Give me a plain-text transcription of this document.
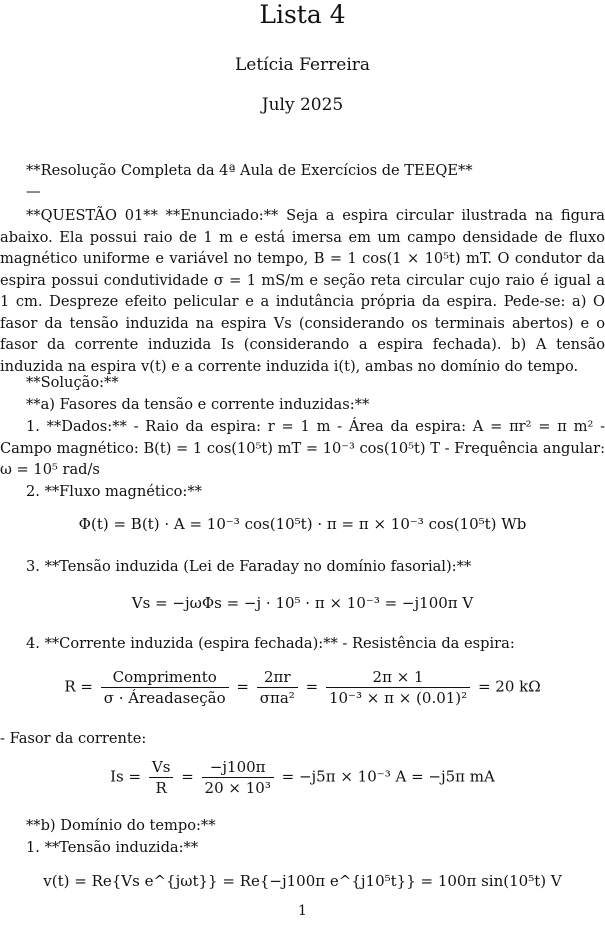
Lista 4
Letícia Ferreira
July 2025
**Resolução Completa da 4ª Aula de Exercícios de TEEQE**
—
**QUESTÃO 01** **Enunciado:** Seja a espira circular ilustrada na figura abaixo. Ela possui raio de 1 m e está imersa em um campo densidade de fluxo magnético uniforme e variável no tempo, B = 1 cos(1 × 10⁵t) mT. O condutor da espira possui condutividade σ = 1 mS/m e seção reta circular cujo raio é igual a 1 cm. Despreze efeito pelicular e a indutância própria da espira. Pede-se: a) O fasor da tensão induzida na espira Vs (considerando os terminais abertos) e o fasor da corrente induzida Is (considerando a espira fechada). b) A tensão induzida na espira v(t) e a corrente induzida i(t), ambas no domínio do tempo.
**Solução:**
**a) Fasores da tensão e corrente induzidas:**
1. **Dados:** - Raio da espira: r = 1 m - Área da espira: A = πr² = π m² - Campo magnético: B(t) = 1 cos(10⁵t) mT = 10⁻³ cos(10⁵t) T - Frequência angular: ω = 10⁵ rad/s
2. **Fluxo magnético:**
Φ(t) = B(t) · A = 10⁻³ cos(10⁵t) · π = π × 10⁻³ cos(10⁵t) Wb
3. **Tensão induzida (Lei de Faraday no domínio fasorial):**
Vs = −jωΦs = −j · 10⁵ · π × 10⁻³ = −j100π V
4. **Corrente induzida (espira fechada):** - Resistência da espira:
$R = \frac{\text{Comprimento}}{\text{σ · Áreadaseção}} = \frac{2\pi r}{\text{σπa²}} = \frac{2\pi \times 1}{\text{10⁻³ × π × (0.01)²}} = 20$ kΩ
- Fasor da corrente:
$Is = \frac{Vs}{R} = \frac{-j100\pi}{\text{20 × 10³}} = -j5\pi \times 10^{-3}$ A = −j5π mA
**b) Domínio do tempo:**
1. **Tensão induzida:**
v(t) = Re{Vs e^{jωt}} = Re{−j100π e^{j10⁵t}} = 100π sin(10⁵t) V
1
